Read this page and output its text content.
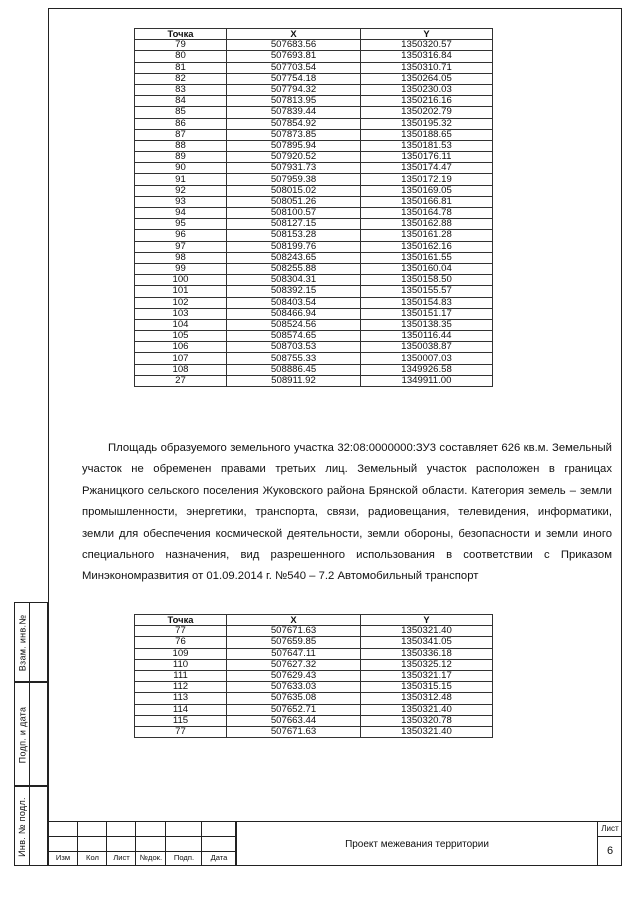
Взам. инв.№
Подп. и дата
Инв. № подл.
Точка	X	Y
79	507683.56	1350320.57
80	507693.81	1350316.84
81	507703.54	1350310.71
82	507754.18	1350264.05
83	507794.32	1350230.03
84	507813.95	1350216.16
85	507839.44	1350202.79
86	507854.92	1350195.32
87	507873.85	1350188.65
88	507895.94	1350181.53
89	507920.52	1350176.11
90	507931.73	1350174.47
91	507959.38	1350172.19
92	508015.02	1350169.05
93	508051.26	1350166.81
94	508100.57	1350164.78
95	508127.15	1350162.88
96	508153.28	1350161.28
97	508199.76	1350162.16
98	508243.65	1350161.55
99	508255.88	1350160.04
100	508304.31	1350158.50
101	508392.15	1350155.57
102	508403.54	1350154.83
103	508466.94	1350151.17
104	508524.56	1350138.35
105	508574.65	1350116.44
106	508703.53	1350038.87
107	508755.33	1350007.03
108	508886.45	1349926.58
27	508911.92	1349911.00

Площадь образуемого земельного участка 32:08:0000000:ЗУ3 составляет 626 кв.м. Земельный участок не обременен правами третьих лиц. Земельный участок расположен в границах Ржаницкого сельского поселения Жуковского района Брянской области. Категория земель – земли промышленности, энергетики, транспорта, связи, радиовещания, телевидения, информатики, земли для обеспечения космической деятельности, земли обороны, безопасности и земли иного специального назначения, вид разрешенного использования в соответствии с Приказом Минэкономразвития от 01.09.2014 г. №540 – 7.2 Автомобильный транспорт

Точка	X	Y
77	507671.63	1350321.40
76	507659.85	1350341.05
109	507647.11	1350336.18
110	507627.32	1350325.12
111	507629.43	1350321.17
112	507633.03	1350315.15
113	507635.08	1350312.48
114	507652.71	1350321.40
115	507663.44	1350320.78
77	507671.63	1350321.40
Изм	Кол	Лист	№док.	Подп.	Дата
Проект межевания территории
Лист
6
